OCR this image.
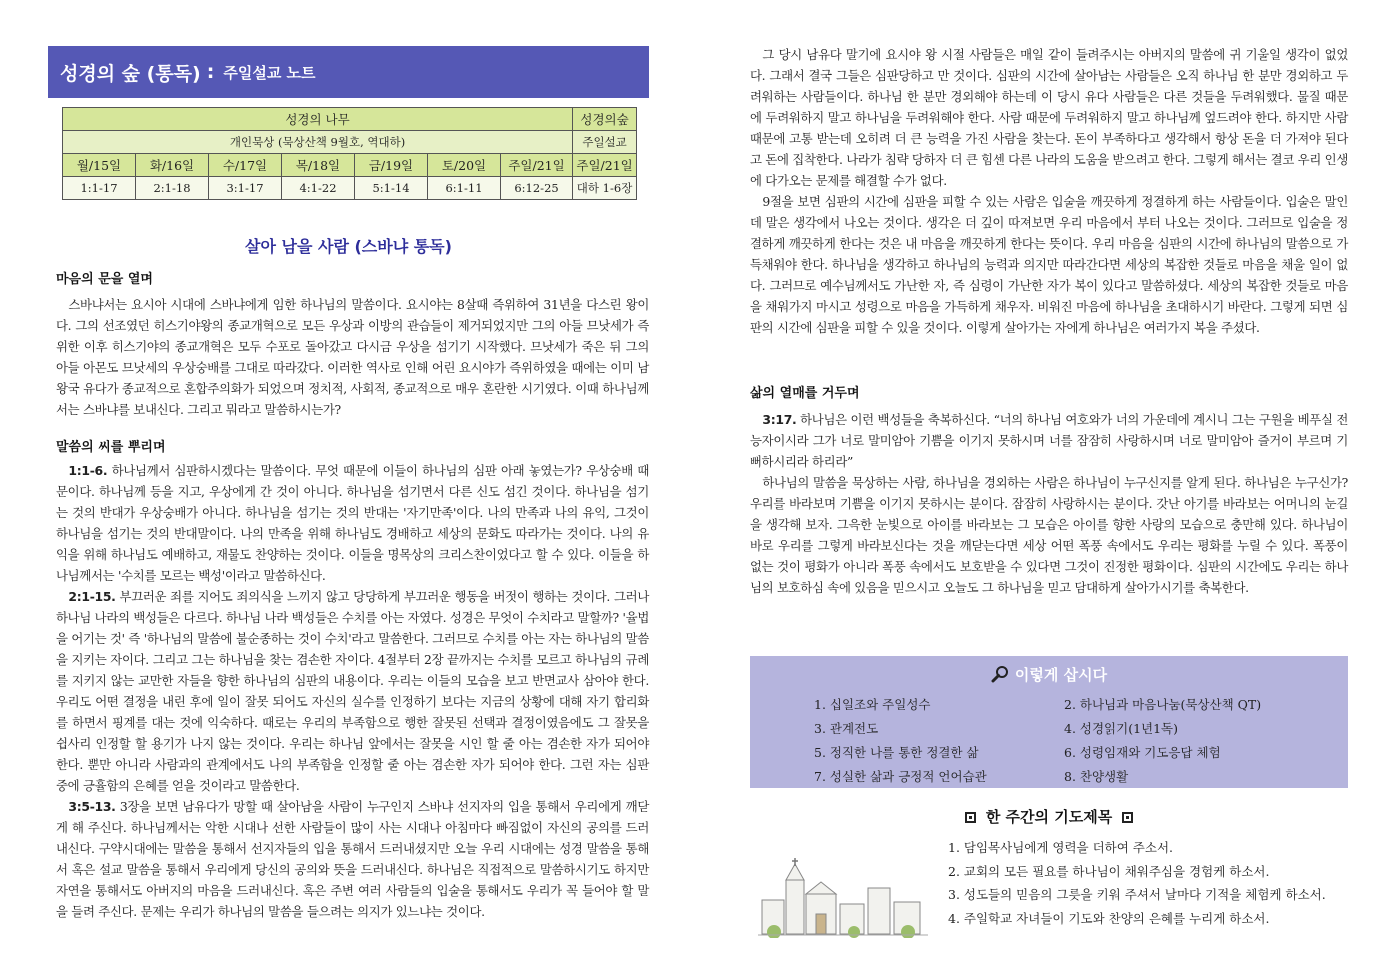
성경의 숲 (통독) : 주일설교 노트
성경의 나무							성경의숲
개인묵상 (묵상산책 9월호, 역대하)							주일설교
월/15일	화/16일	수/17일	목/18일	금/19일	토/20일	주일/21일	주일/21일
1:1-17	2:1-18	3:1-17	4:1-22	5:1-14	6:1-11	6:12-25	대하 1-6장
살아 남을 사람 (스바냐 통독)
마음의 문을 열며
스바냐서는 요시아 시대에 스바냐에게 임한 하나님의 말씀이다. 요시야는 8살때 즉위하여 31년을 다스린 왕이다. 그의 선조였던 히스기야왕의 종교개혁으로 모든 우상과 이방의 관습들이 제거되었지만 그의 아들 므낫세가 즉위한 이후 히스기야의 종교개혁은 모두 수포로 돌아갔고 다시금 우상을 섬기기 시작했다. 므낫세가 죽은 뒤 그의 아들 아몬도 므낫세의 우상숭배를 그대로 따라갔다. 이러한 역사로 인해 어린 요시야가 즉위하였을 때에는 이미 남왕국 유다가 종교적으로 혼합주의화가 되었으며 정치적, 사회적, 종교적으로 매우 혼란한 시기였다. 이때 하나님께서는 스바냐를 보내신다. 그리고 뭐라고 말씀하시는가?
말씀의 씨를 뿌리며
1:1-6. 하나님께서 심판하시겠다는 말씀이다. 무엇 때문에 이들이 하나님의 심판 아래 놓였는가? 우상숭배 때문이다. 하나님께 등을 지고, 우상에게 간 것이 아니다. 하나님을 섬기면서 다른 신도 섬긴 것이다. 하나님을 섬기는 것의 반대가 우상숭배가 아니다. 하나님을 섬기는 것의 반대는 '자기만족'이다. 나의 만족과 나의 유익, 그것이 하나님을 섬기는 것의 반대말이다. 나의 만족을 위해 하나님도 경배하고 세상의 문화도 따라가는 것이다. 나의 유익을 위해 하나님도 예배하고, 재물도 찬양하는 것이다. 이들을 명목상의 크리스찬이었다고 할 수 있다. 이들을 하나님께서는 '수치를 모르는 백성'이라고 말씀하신다.
2:1-15. 부끄러운 죄를 지어도 죄의식을 느끼지 않고 당당하게 부끄러운 행동을 버젓이 행하는 것이다. 그러나 하나님 나라의 백성들은 다르다. 하나님 나라 백성들은 수치를 아는 자였다. 성경은 무엇이 수치라고 말할까? '율법을 어기는 것' 즉 '하나님의 말씀에 불순종하는 것이 수치'라고 말씀한다. 그러므로 수치를 아는 자는 하나님의 말씀을 지키는 자이다. 그리고 그는 하나님을 찾는 겸손한 자이다. 4절부터 2장 끝까지는 수치를 모르고 하나님의 규례를 지키지 않는 교만한 자들을 향한 하나님의 심판의 내용이다. 우리는 이들의 모습을 보고 반면교사 삼아야 한다. 우리도 어떤 결정을 내린 후에 일이 잘못 되어도 자신의 실수를 인정하기 보다는 지금의 상황에 대해 자기 합리화를 하면서 핑계를 대는 것에 익숙하다. 때로는 우리의 부족함으로 행한 잘못된 선택과 결정이였음에도 그 잘못을 쉽사리 인정할 할 용기가 나지 않는 것이다. 우리는 하나님 앞에서는 잘못을 시인 할 줄 아는 겸손한 자가 되어야 한다. 뿐만 아니라 사람과의 관계에서도 나의 부족함을 인정할 줄 아는 겸손한 자가 되어야 한다. 그런 자는 심판 중에 긍휼함의 은혜를 얻을 것이라고 말씀한다.
3:5-13. 3장을 보면 남유다가 망할 때 살아남을 사람이 누구인지 스바냐 선지자의 입을 통해서 우리에게 깨닫게 해 주신다. 하나님께서는 악한 시대나 선한 사람들이 많이 사는 시대나 아침마다 빠짐없이 자신의 공의를 드러내신다. 구약시대에는 말씀을 통해서 선지자들의 입을 통해서 드러내셨지만 오늘 우리 시대에는 성경 말씀을 통해서 혹은 설교 말씀을 통해서 우리에게 당신의 공의와 뜻을 드러내신다. 하나님은 직접적으로 말씀하시기도 하지만 자연을 통해서도 아버지의 마음을 드러내신다. 혹은 주변 여러 사람들의 입술을 통해서도 우리가 꼭 들어야 할 말을 들려 주신다. 문제는 우리가 하나님의 말씀을 들으려는 의지가 있느냐는 것이다.
그 당시 남유다 말기에 요시야 왕 시절 사람들은 매일 같이 들려주시는 아버지의 말씀에 귀 기울일 생각이 없었다. 그래서 결국 그들은 심판당하고 만 것이다. 심판의 시간에 살아남는 사람들은 오직 하나님 한 분만 경외하고 두려워하는 사람들이다. 하나님 한 분만 경외해야 하는데 이 당시 유다 사람들은 다른 것들을 두려워했다. 물질 때문에 두려워하지 말고 하나님을 두려워해야 한다. 사람 때문에 두려워하지 말고 하나님께 엎드려야 한다. 하지만 사람 때문에 고통 받는데 오히려 더 큰 능력을 가진 사람을 찾는다. 돈이 부족하다고 생각해서 항상 돈을 더 가져야 된다고 돈에 집착한다. 나라가 침략 당하자 더 큰 힘센 다른 나라의 도움을 받으려고 한다. 그렇게 해서는 결코 우리 인생에 다가오는 문제를 해결할 수가 없다.
9절을 보면 심판의 시간에 심판을 피할 수 있는 사람은 입술을 깨끗하게 정결하게 하는 사람들이다. 입술은 말인데 말은 생각에서 나오는 것이다. 생각은 더 깊이 따져보면 우리 마음에서 부터 나오는 것이다. 그러므로 입술을 정결하게 깨끗하게 한다는 것은 내 마음을 깨끗하게 한다는 뜻이다. 우리 마음을 심판의 시간에 하나님의 말씀으로 가득채워야 한다. 하나님을 생각하고 하나님의 능력과 의지만 따라간다면 세상의 복잡한 것들로 마음을 채울 일이 없다. 그러므로 예수님께서도 가난한 자, 즉 심령이 가난한 자가 복이 있다고 말씀하셨다. 세상의 복잡한 것들로 마음을 채워가지 마시고 성령으로 마음을 가득하게 채우자. 비워진 마음에 하나님을 초대하시기 바란다. 그렇게 되면 심판의 시간에 심판을 피할 수 있을 것이다. 이렇게 살아가는 자에게 하나님은 여러가지 복을 주셨다.
삶의 열매를 거두며
3:17. 하나님은 이런 백성들을 축복하신다. “너의 하나님 여호와가 너의 가운데에 계시니 그는 구원을 베푸실 전능자이시라 그가 너로 말미암아 기쁨을 이기지 못하시며 너를 잠잠히 사랑하시며 너로 말미암아 즐거이 부르며 기뻐하시리라 하리라”
하나님의 말씀을 묵상하는 사람, 하나님을 경외하는 사람은 하나님이 누구신지를 알게 된다. 하나님은 누구신가? 우리를 바라보며 기쁨을 이기지 못하시는 분이다. 잠잠히 사랑하시는 분이다. 갓난 아기를 바라보는 어머니의 눈길을 생각해 보자. 그윽한 눈빛으로 아이를 바라보는 그 모습은 아이를 향한 사랑의 모습으로 충만해 있다. 하나님이 바로 우리를 그렇게 바라보신다는 것을 깨닫는다면 세상 어떤 폭풍 속에서도 우리는 평화를 누릴 수 있다. 폭풍이 없는 것이 평화가 아니라 폭풍 속에서도 보호받을 수 있다면 그것이 진정한 평화이다. 심판의 시간에도 우리는 하나님의 보호하심 속에 있음을 믿으시고 오늘도 그 하나님을 믿고 담대하게 살아가시기를 축복한다.
이렇게 삽시다
1. 십일조와 주일성수	2. 하나님과 마음나눔(묵상산책 QT)
3. 관계전도	4. 성경읽기(1년1독)
5. 정직한 나를 통한 정결한 삶	6. 성령임재와 기도응답 체험
7. 성실한 삶과 긍정적 언어습관	8. 찬양생활
한 주간의 기도제목
1. 담임목사님에게 영력을 더하여 주소서.
2. 교회의 모든 필요를 하나님이 채워주심을 경험케 하소서.
3. 성도들의 믿음의 그릇을 키워 주셔서 날마다 기적을 체험케 하소서.
4. 주일학교 자녀들이 기도와 찬양의 은혜를 누리게 하소서.
